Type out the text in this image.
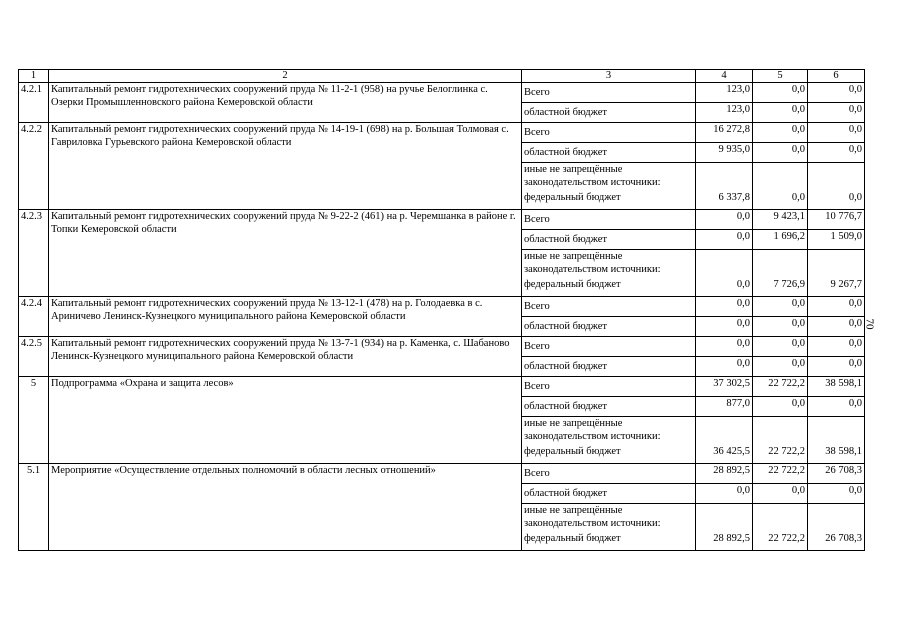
1	2	3	4	5	6
4.2.1	Капитальный ремонт гидротехнических сооружений пруда № 11-2-1 (958) на ручье Белоглинка с. Озерки Промышленновского района Кемеровской области	Всего	123,0	0,0	0,0
		областной бюджет	123,0	0,0	0,0
4.2.2	Капитальный ремонт гидротехнических сооружений пруда № 14-19-1 (698) на р. Большая Толмовая с. Гавриловка Гурьевского района Кемеровской области	Всего	16 272,8	0,0	0,0
		областной бюджет	9 935,0	0,0	0,0
		иные не запрещённые законодательством источники:			
		федеральный бюджет	6 337,8	0,0	0,0
4.2.3	Капитальный ремонт гидротехнических сооружений пруда № 9-22-2 (461) на р. Черемшанка в районе г. Топки Кемеровской области	Всего	0,0	9 423,1	10 776,7
		областной бюджет	0,0	1 696,2	1 509,0
		иные не запрещённые законодательством источники:			
		федеральный бюджет	0,0	7 726,9	9 267,7
4.2.4	Капитальный ремонт гидротехнических сооружений пруда № 13-12-1 (478) на р. Голодаевка в с. Ариничево Ленинск-Кузнецкого муниципального района Кемеровской области	Всего	0,0	0,0	0,0
		областной бюджет	0,0	0,0	0,0
4.2.5	Капитальный ремонт гидротехнических сооружений пруда № 13-7-1 (934) на р. Каменка, с. Шабаново Ленинск-Кузнецкого муниципального района Кемеровской области	Всего	0,0	0,0	0,0
		областной бюджет	0,0	0,0	0,0
5	Подпрограмма «Охрана и защита лесов»	Всего	37 302,5	22 722,2	38 598,1
		областной бюджет	877,0	0,0	0,0
		иные не запрещённые законодательством источники:			
		федеральный бюджет	36 425,5	22 722,2	38 598,1
5.1	Мероприятие «Осуществление отдельных полномочий в области лесных отношений»	Всего	28 892,5	22 722,2	26 708,3
		областной бюджет	0,0	0,0	0,0
		иные не запрещённые законодательством источники:			
		федеральный бюджет	28 892,5	22 722,2	26 708,3
70
